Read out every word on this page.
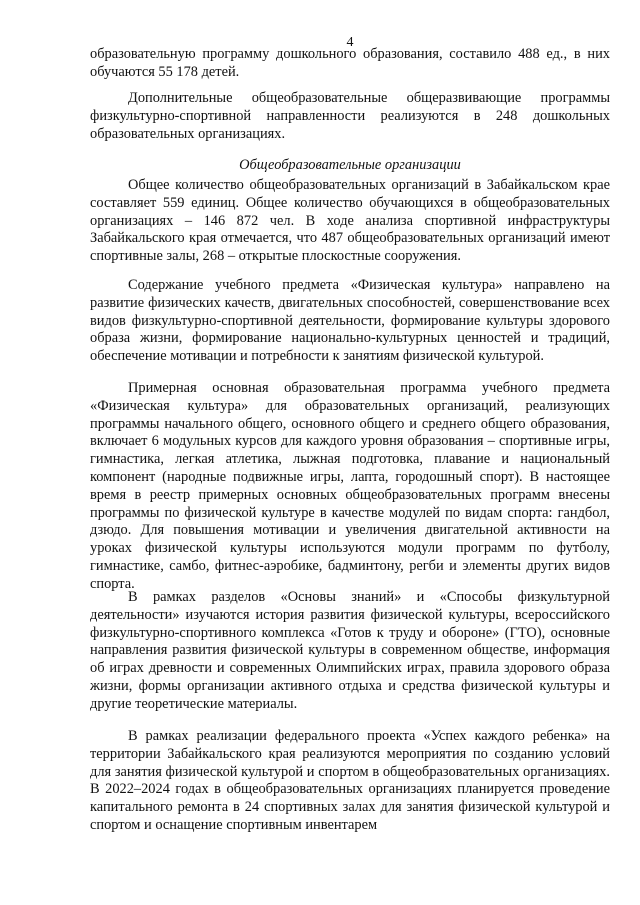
4

образовательную программу дошкольного образования, составило 488 ед., в них обучаются 55 178 детей.

Дополнительные общеобразовательные общеразвивающие программы физкультурно-спортивной направленности реализуются в 248 дошкольных образовательных организациях.

Общеобразовательные организации

Общее количество общеобразовательных организаций в Забайкальском крае составляет 559 единиц. Общее количество обучающихся в общеобразовательных организациях – 146 872 чел. В ходе анализа спортивной инфраструктуры Забайкальского края отмечается, что 487 общеобразовательных организаций имеют спортивные залы, 268 – открытые плоскостные сооружения.

Содержание учебного предмета «Физическая культура» направлено на развитие физических качеств, двигательных способностей, совершенствование всех видов физкультурно-спортивной деятельности, формирование культуры здорового образа жизни, формирование национально-культурных ценностей и традиций, обеспечение мотивации и потребности к занятиям физической культурой.

Примерная основная образовательная программа учебного предмета «Физическая культура» для образовательных организаций, реализующих программы начального общего, основного общего и среднего общего образования, включает 6 модульных курсов для каждого уровня образования – спортивные игры, гимнастика, легкая атлетика, лыжная подготовка, плавание и национальный компонент (народные подвижные игры, лапта, городошный спорт). В настоящее время в реестр примерных основных общеобразовательных программ внесены программы по физической культуре в качестве модулей по видам спорта: гандбол, дзюдо. Для повышения мотивации и увеличения двигательной активности на уроках физической культуры используются модули программ по футболу, гимнастике, самбо, фитнес-аэробике, бадминтону, регби и элементы других видов спорта.

В рамках разделов «Основы знаний» и «Способы физкультурной деятельности» изучаются история развития физической культуры, всероссийского физкультурно-спортивного комплекса «Готов к труду и обороне» (ГТО), основные направления развития физической культуры в современном обществе, информация об играх древности и современных Олимпийских играх, правила здорового образа жизни, формы организации активного отдыха и средства физической культуры и другие теоретические материалы.

В рамках реализации федерального проекта «Успех каждого ребенка» на территории Забайкальского края реализуются мероприятия по созданию условий для занятия физической культурой и спортом в общеобразовательных организациях. В 2022–2024 годах в общеобразовательных организациях планируется проведение капитального ремонта в 24 спортивных залах для занятия физической культурой и спортом и оснащение спортивным инвентарем
